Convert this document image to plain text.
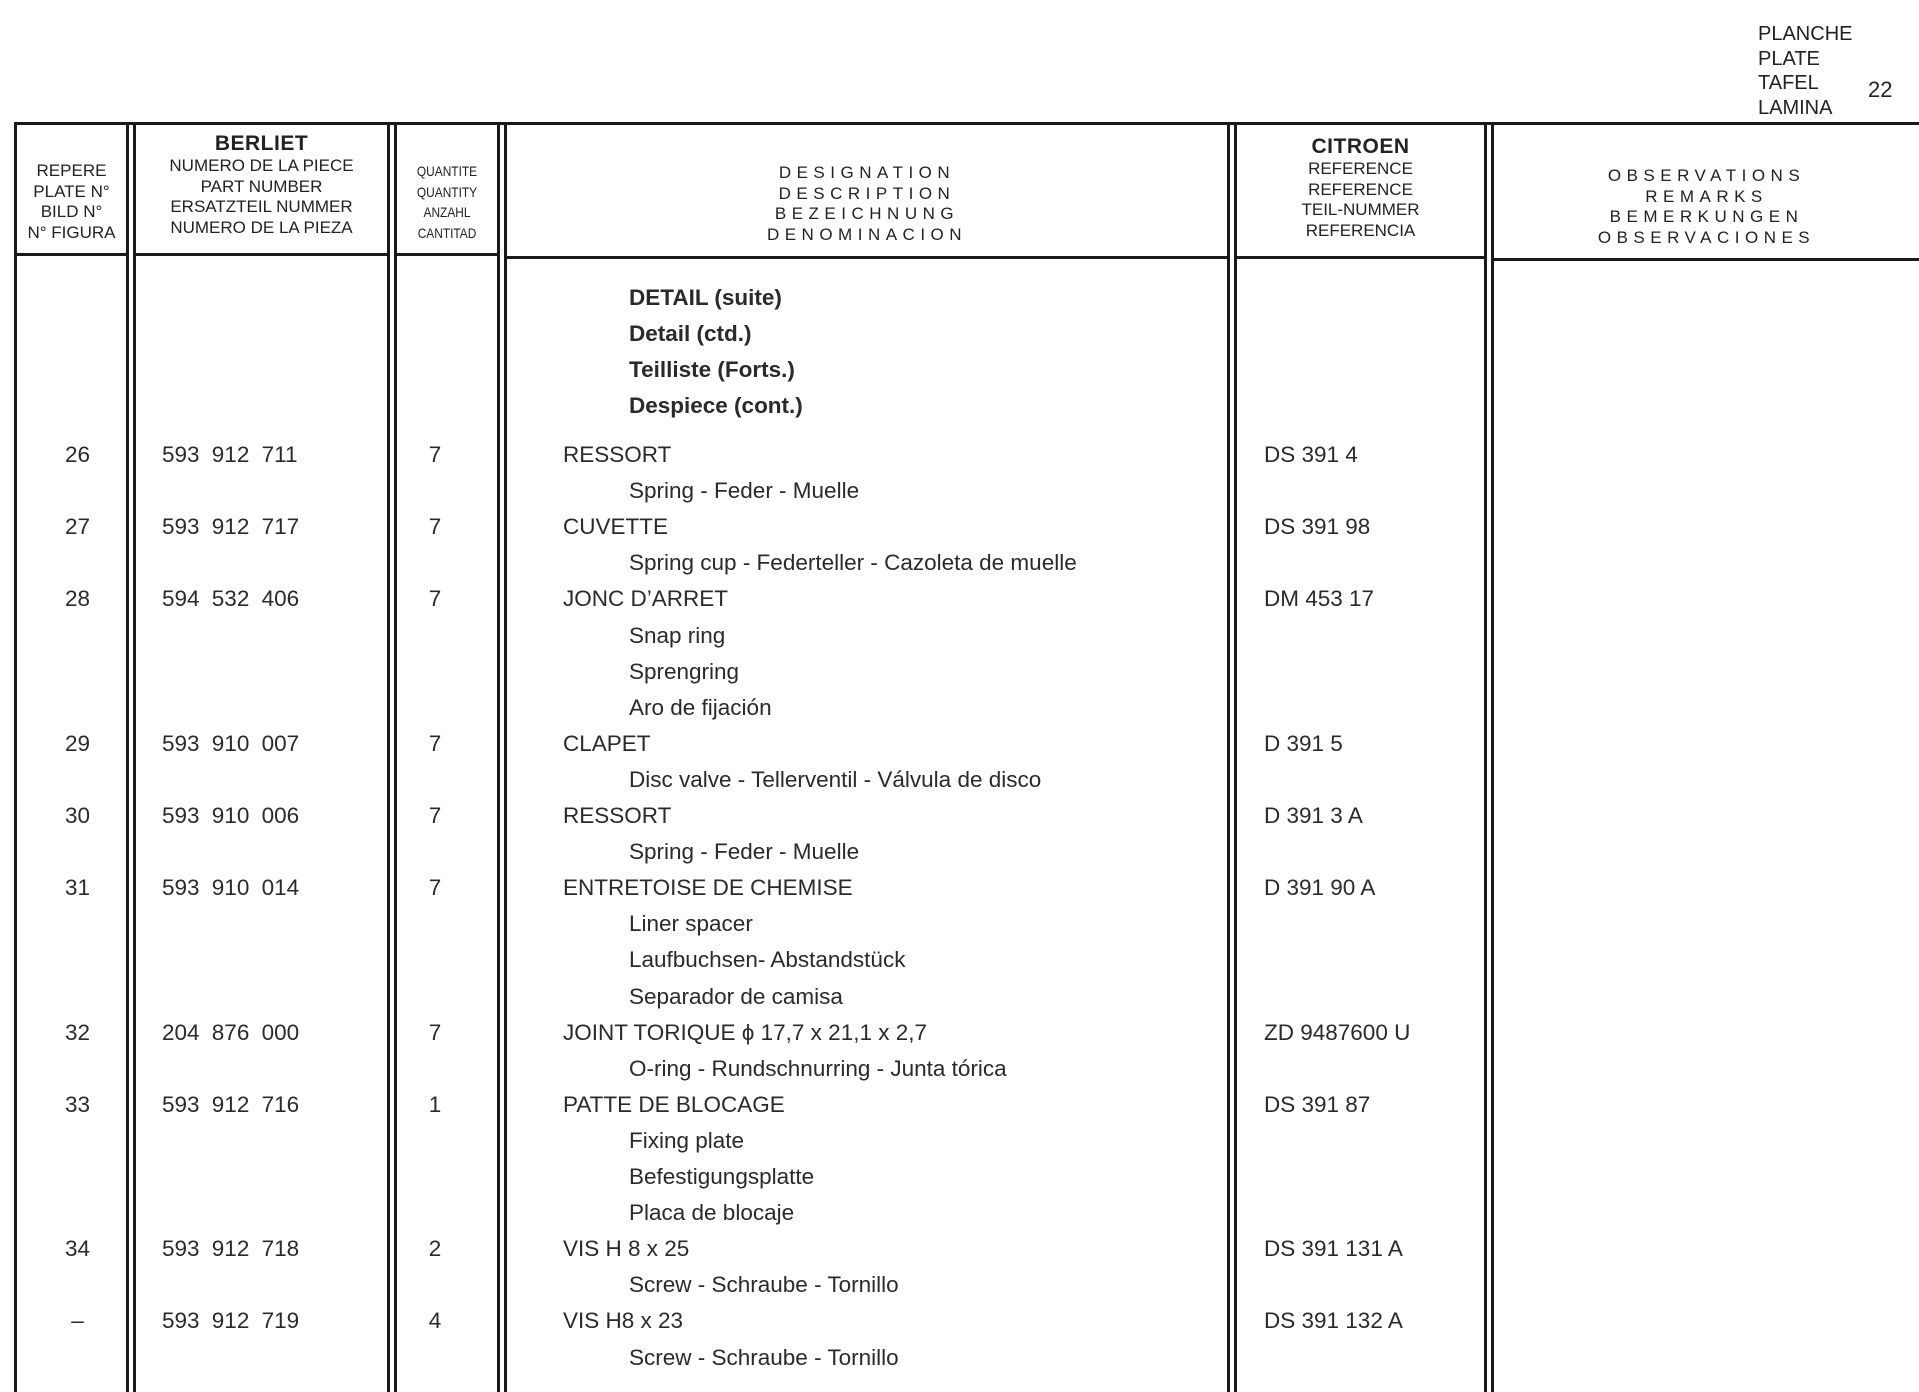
PLANCHE
PLATE
TAFEL
LAMINA
22
REPERE
PLATE N°
BILD N°
N° FIGURA
BERLIET
NUMERO DE LA PIECE
PART NUMBER
ERSATZTEIL NUMMER
NUMERO DE LA PIEZA
QUANTITE
QUANTITY
ANZAHL
CANTITAD
DESIGNATION
DESCRIPTION
BEZEICHNUNG
DENOMINACION
CITROEN
REFERENCE
REFERENCE
TEIL-NUMMER
REFERENCIA
OBSERVATIONS
REMARKS
BEMERKUNGEN
OBSERVACIONES
DETAIL (suite)
Detail (ctd.)
Teilliste (Forts.)
Despiece (cont.)
26	593 912 711	7	RESSORT	DS 391 4
Spring - Feder - Muelle
27	593 912 717	7	CUVETTE	DS 391 98
Spring cup - Federteller - Cazoleta de muelle
28	594 532 406	7	JONC D’ARRET	DM 453 17
Snap ring
Sprengring
Aro de fijación
29	593 910 007	7	CLAPET	D 391 5
Disc valve - Tellerventil - Válvula de disco
30	593 910 006	7	RESSORT	D 391 3 A
Spring - Feder - Muelle
31	593 910 014	7	ENTRETOISE DE CHEMISE	D 391 90 A
Liner spacer
Laufbuchsen- Abstandstück
Separador de camisa
32	204 876 000	7	JOINT TORIQUE ϕ 17,7 x 21,1 x 2,7	ZD 9487600 U
O-ring - Rundschnurring - Junta tórica
33	593 912 716	1	PATTE DE BLOCAGE	DS 391 87
Fixing plate
Befestigungsplatte
Placa de blocaje
34	593 912 718	2	VIS H 8 x 25	DS 391 131 A
Screw - Schraube - Tornillo
–	593 912 719	4	VIS H8 x 23	DS 391 132 A
Screw - Schraube - Tornillo
